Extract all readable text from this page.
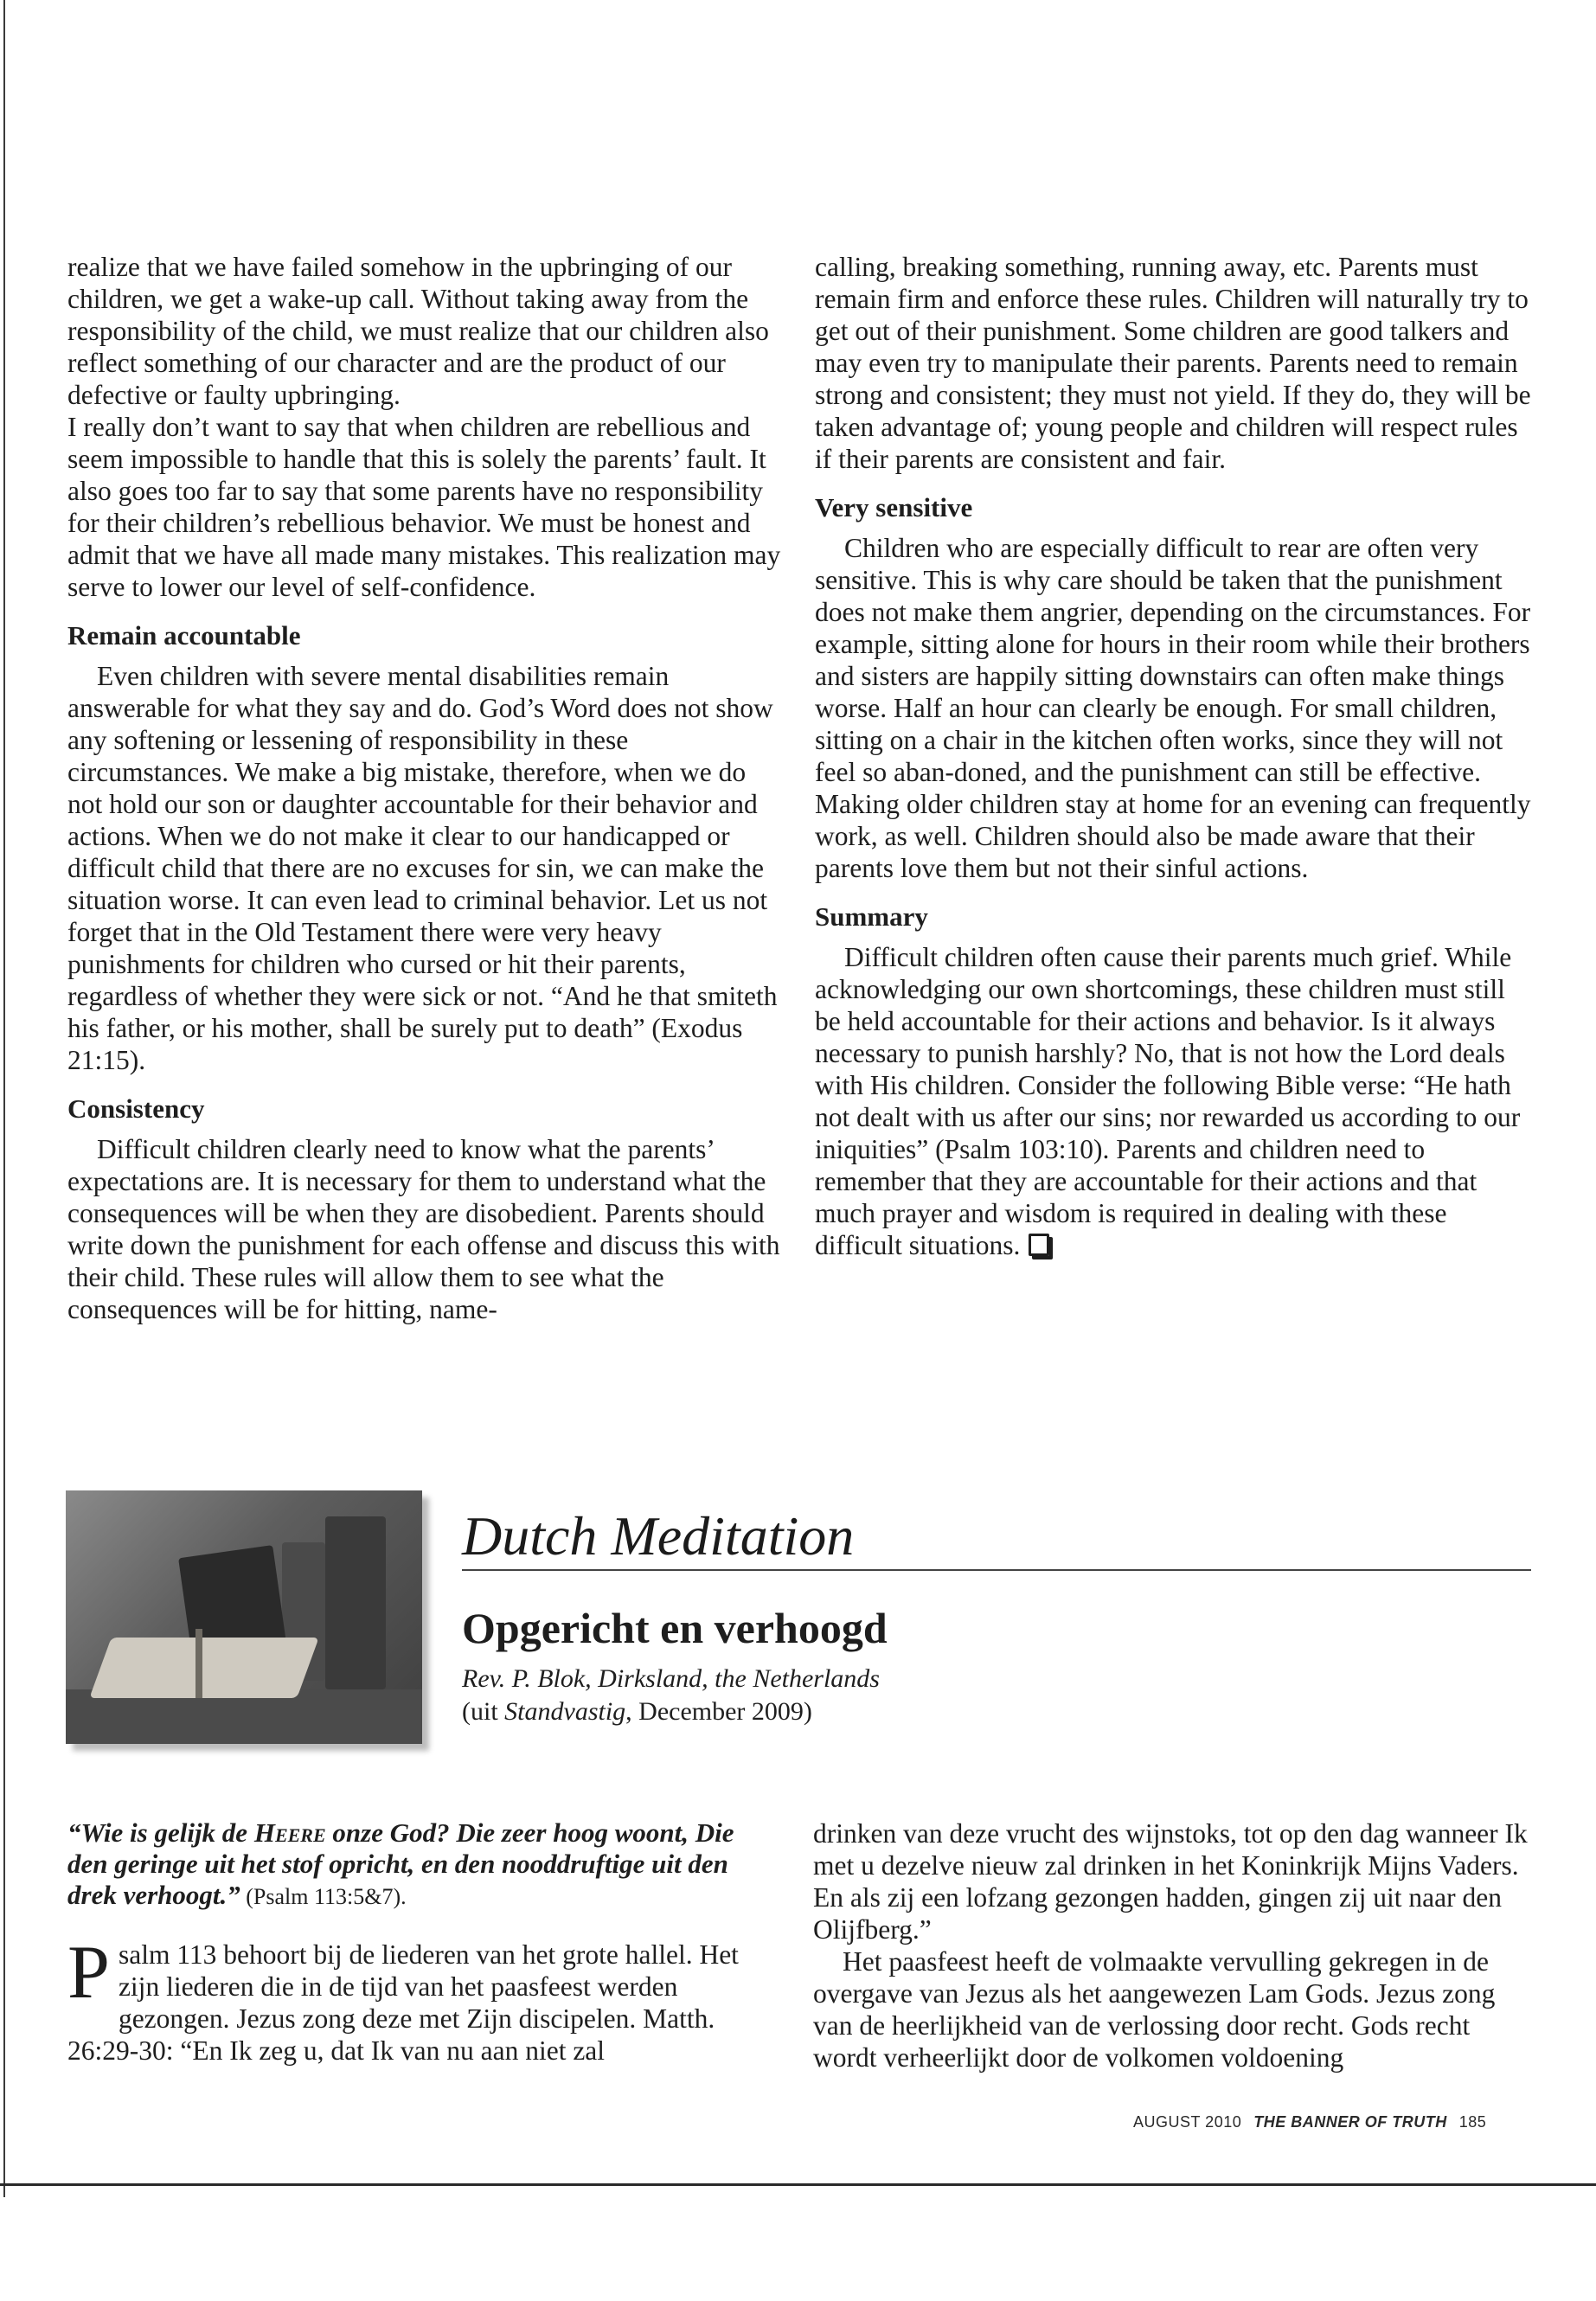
realize that we have failed somehow in the upbringing of our children, we get a wake-up call. Without taking away from the responsibility of the child, we must realize that our children also reflect something of our character and are the product of our defective or faulty upbringing.

I really don’t want to say that when children are rebellious and seem impossible to handle that this is solely the parents’ fault. It also goes too far to say that some parents have no responsibility for their children’s rebellious behavior. We must be honest and admit that we have all made many mistakes. This realization may serve to lower our level of self-confidence.

Remain accountable

Even children with severe mental disabilities remain answerable for what they say and do. God’s Word does not show any softening or lessening of responsibility in these circumstances. We make a big mistake, therefore, when we do not hold our son or daughter accountable for their behavior and actions. When we do not make it clear to our handicapped or difficult child that there are no excuses for sin, we can make the situation worse. It can even lead to criminal behavior. Let us not forget that in the Old Testament there were very heavy punishments for children who cursed or hit their parents, regardless of whether they were sick or not. “And he that smiteth his father, or his mother, shall be surely put to death” (Exodus 21:15).

Consistency

Difficult children clearly need to know what the parents’ expectations are. It is necessary for them to understand what the consequences will be when they are disobedient. Parents should write down the punishment for each offense and discuss this with their child. These rules will allow them to see what the consequences will be for hitting, name-

calling, breaking something, running away, etc. Parents must remain firm and enforce these rules. Children will naturally try to get out of their punishment. Some children are good talkers and may even try to manipulate their parents. Parents need to remain strong and consistent; they must not yield. If they do, they will be taken advantage of; young people and children will respect rules if their parents are consistent and fair.

Very sensitive

Children who are especially difficult to rear are often very sensitive. This is why care should be taken that the punishment does not make them angrier, depending on the circumstances. For example, sitting alone for hours in their room while their brothers and sisters are happily sitting downstairs can often make things worse. Half an hour can clearly be enough. For small children, sitting on a chair in the kitchen often works, since they will not feel so aban-doned, and the punishment can still be effective. Making older children stay at home for an evening can frequently work, as well. Children should also be made aware that their parents love them but not their sinful actions.

Summary

Difficult children often cause their parents much grief. While acknowledging our own shortcomings, these children must still be held accountable for their actions and behavior. Is it always necessary to punish harshly? No, that is not how the Lord deals with His children. Consider the following Bible verse: “He hath not dealt with us after our sins; nor rewarded us according to our iniquities” (Psalm 103:10). Parents and children need to remember that they are accountable for their actions and that much prayer and wisdom is required in dealing with these difficult situations.

Dutch Meditation
Opgericht en verhoogd
Rev. P. Blok, Dirksland, the Netherlands
(uit Standvastig, December 2009)

“Wie is gelijk de Heere onze God? Die zeer hoog woont, Die den geringe uit het stof opricht, en den nooddruftige uit den drek verhoogt.” (Psalm 113:5&7).

Psalm 113 behoort bij de liederen van het grote hallel. Het zijn liederen die in de tijd van het paasfeest werden gezongen. Jezus zong deze met Zijn discipelen. Matth. 26:29-30: “En Ik zeg u, dat Ik van nu aan niet zal

drinken van deze vrucht des wijnstoks, tot op den dag wanneer Ik met u dezelve nieuw zal drinken in het Koninkrijk Mijns Vaders. En als zij een lofzang gezongen hadden, gingen zij uit naar den Olijfberg.”

Het paasfeest heeft de volmaakte vervulling gekregen in de overgave van Jezus als het aangewezen Lam Gods. Jezus zong van de heerlijkheid van de verlossing door recht. Gods recht wordt verheerlijkt door de volkomen voldoening

AUGUST 2010 THE BANNER OF TRUTH 185
